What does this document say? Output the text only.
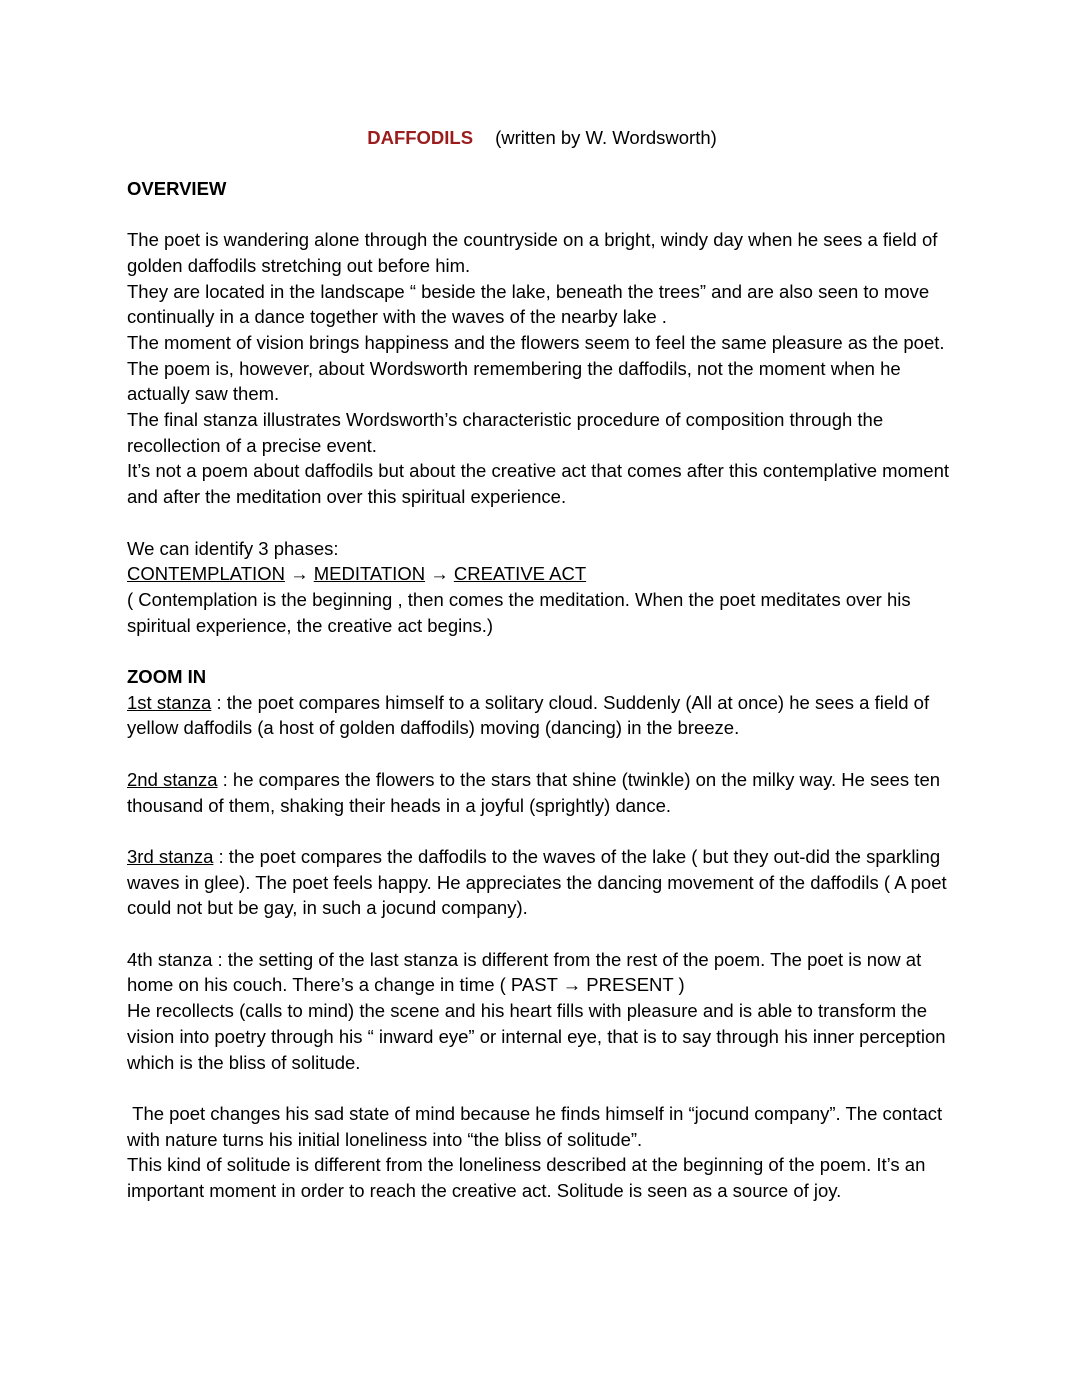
DAFFODILS (written by W. Wordsworth)

OVERVIEW

The poet is wandering alone through the countryside on a bright, windy day when he sees a field of golden daffodils stretching out before him.

They are located in the landscape “ beside the lake, beneath the trees” and are also seen to move continually in a dance together with the waves of the nearby lake .

The moment of vision brings happiness and the flowers seem to feel the same pleasure as the poet.

The poem is, however, about Wordsworth remembering the daffodils, not the moment when he actually saw them.

The final stanza illustrates Wordsworth’s characteristic procedure of composition through the recollection of a precise event.

It’s not a poem about daffodils but about the creative act that comes after this contemplative moment and after the meditation over this spiritual experience.

We can identify 3 phases:

CONTEMPLATION → MEDITATION → CREATIVE ACT

( Contemplation is the beginning , then comes the meditation. When the poet meditates over his spiritual experience, the creative act begins.)

ZOOM IN

1st stanza : the poet compares himself to a solitary cloud. Suddenly (All at once) he sees a field of yellow daffodils (a host of golden daffodils) moving (dancing) in the breeze.

2nd stanza : he compares the flowers to the stars that shine (twinkle) on the milky way. He sees ten thousand of them, shaking their heads in a joyful (sprightly) dance.

3rd stanza : the poet compares the daffodils to the waves of the lake ( but they out-did the sparkling waves in glee). The poet feels happy. He appreciates the dancing movement of the daffodils ( A poet could not but be gay, in such a jocund company).

4th stanza : the setting of the last stanza is different from the rest of the poem. The poet is now at home on his couch. There’s a change in time ( PAST → PRESENT )

He recollects (calls to mind) the scene and his heart fills with pleasure and is able to transform the vision into poetry through his “ inward eye” or internal eye, that is to say through his inner perception which is the bliss of solitude.

The poet changes his sad state of mind because he finds himself in “jocund company”. The contact with nature turns his initial loneliness into “the bliss of solitude”.

This kind of solitude is different from the loneliness described at the beginning of the poem. It’s an important moment in order to reach the creative act. Solitude is seen as a source of joy.
